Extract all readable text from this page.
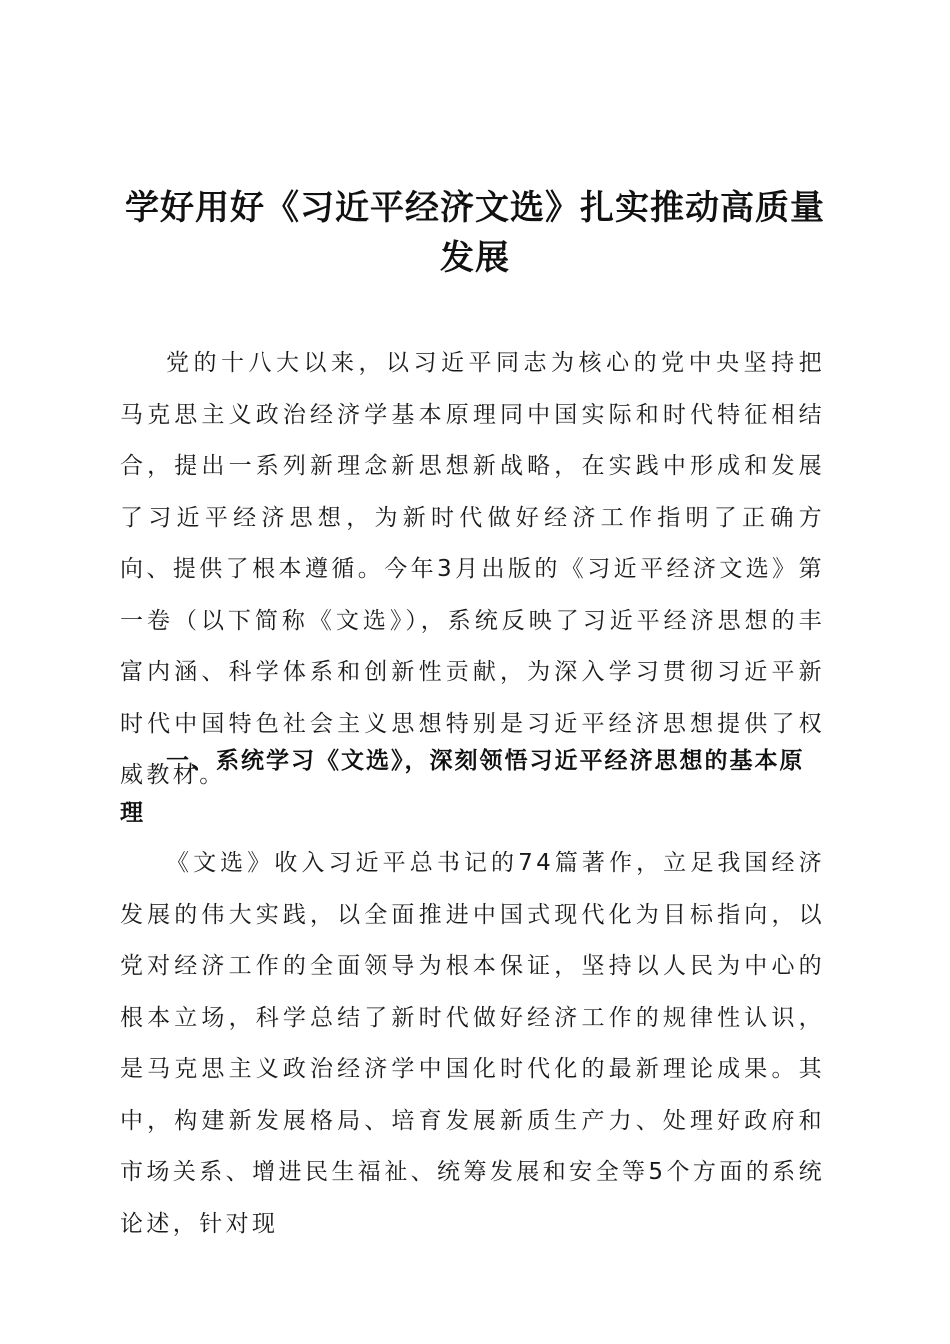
学好用好《习近平经济文选》扎实推动高质量发展

党的十八大以来，以习近平同志为核心的党中央坚持把马克思主义政治经济学基本原理同中国实际和时代特征相结合，提出一系列新理念新思想新战略，在实践中形成和发展了习近平经济思想，为新时代做好经济工作指明了正确方向、提供了根本遵循。今年3月出版的《习近平经济文选》第一卷（以下简称《文选》），系统反映了习近平经济思想的丰富内涵、科学体系和创新性贡献，为深入学习贯彻习近平新时代中国特色社会主义思想特别是习近平经济思想提供了权威教材。

一、系统学习《文选》，深刻领悟习近平经济思想的基本原理

《文选》收入习近平总书记的74篇著作，立足我国经济发展的伟大实践，以全面推进中国式现代化为目标指向，以党对经济工作的全面领导为根本保证，坚持以人民为中心的根本立场，科学总结了新时代做好经济工作的规律性认识，是马克思主义政治经济学中国化时代化的最新理论成果。其中，构建新发展格局、培育发展新质生产力、处理好政府和市场关系、增进民生福祉、统筹发展和安全等5个方面的系统论述，针对现
